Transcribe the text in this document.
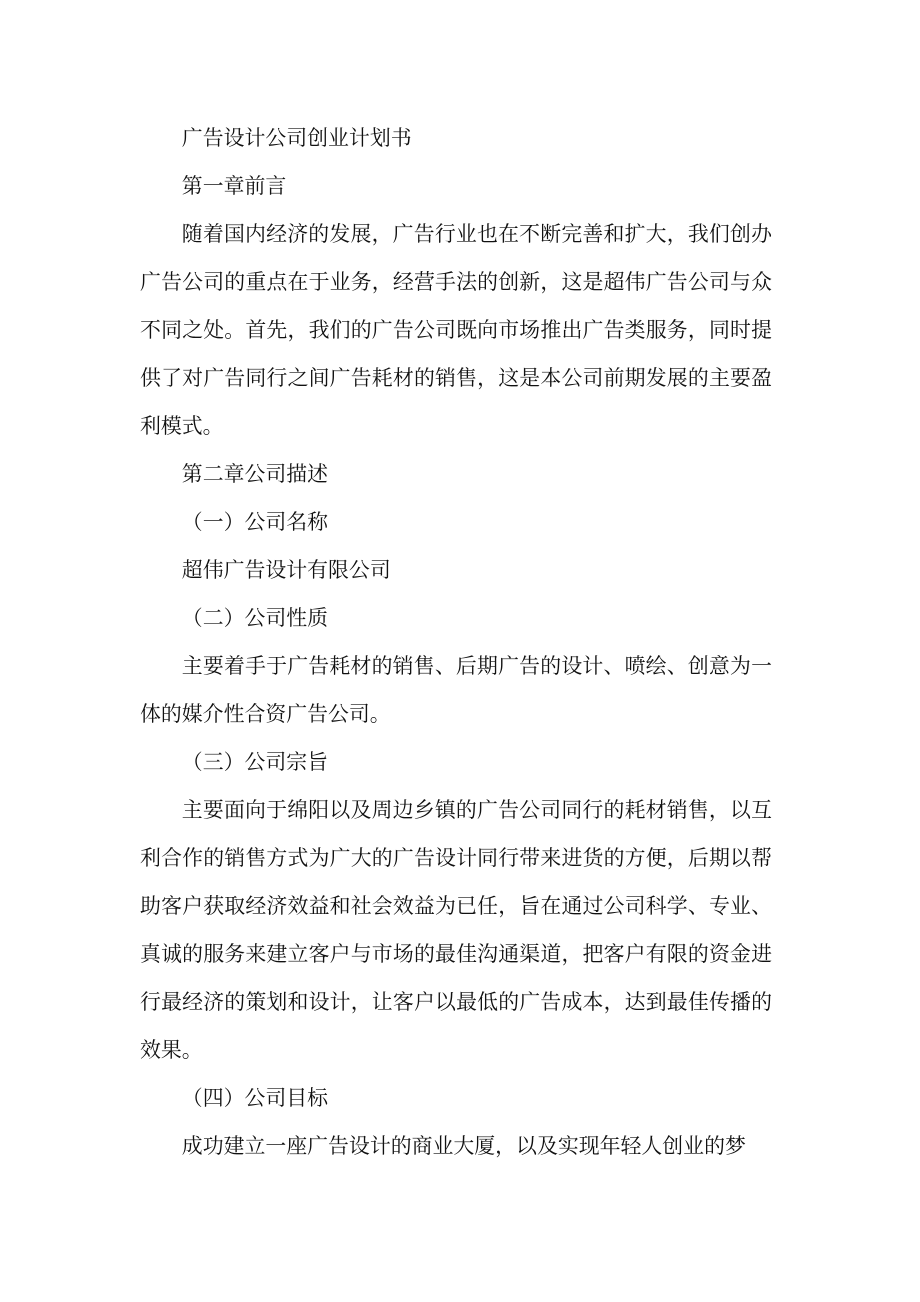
广告设计公司创业计划书

第一章前言

随着国内经济的发展，广告行业也在不断完善和扩大，我们创办广告公司的重点在于业务，经营手法的创新，这是超伟广告公司与众不同之处。首先，我们的广告公司既向市场推出广告类服务，同时提供了对广告同行之间广告耗材的销售，这是本公司前期发展的主要盈利模式。

第二章公司描述

（一）公司名称

超伟广告设计有限公司

（二）公司性质

主要着手于广告耗材的销售、后期广告的设计、喷绘、创意为一体的媒介性合资广告公司。

（三）公司宗旨

主要面向于绵阳以及周边乡镇的广告公司同行的耗材销售，以互利合作的销售方式为广大的广告设计同行带来进货的方便，后期以帮助客户获取经济效益和社会效益为已任，旨在通过公司科学、专业、真诚的服务来建立客户与市场的最佳沟通渠道，把客户有限的资金进行最经济的策划和设计，让客户以最低的广告成本，达到最佳传播的效果。

（四）公司目标

成功建立一座广告设计的商业大厦，以及实现年轻人创业的梦
